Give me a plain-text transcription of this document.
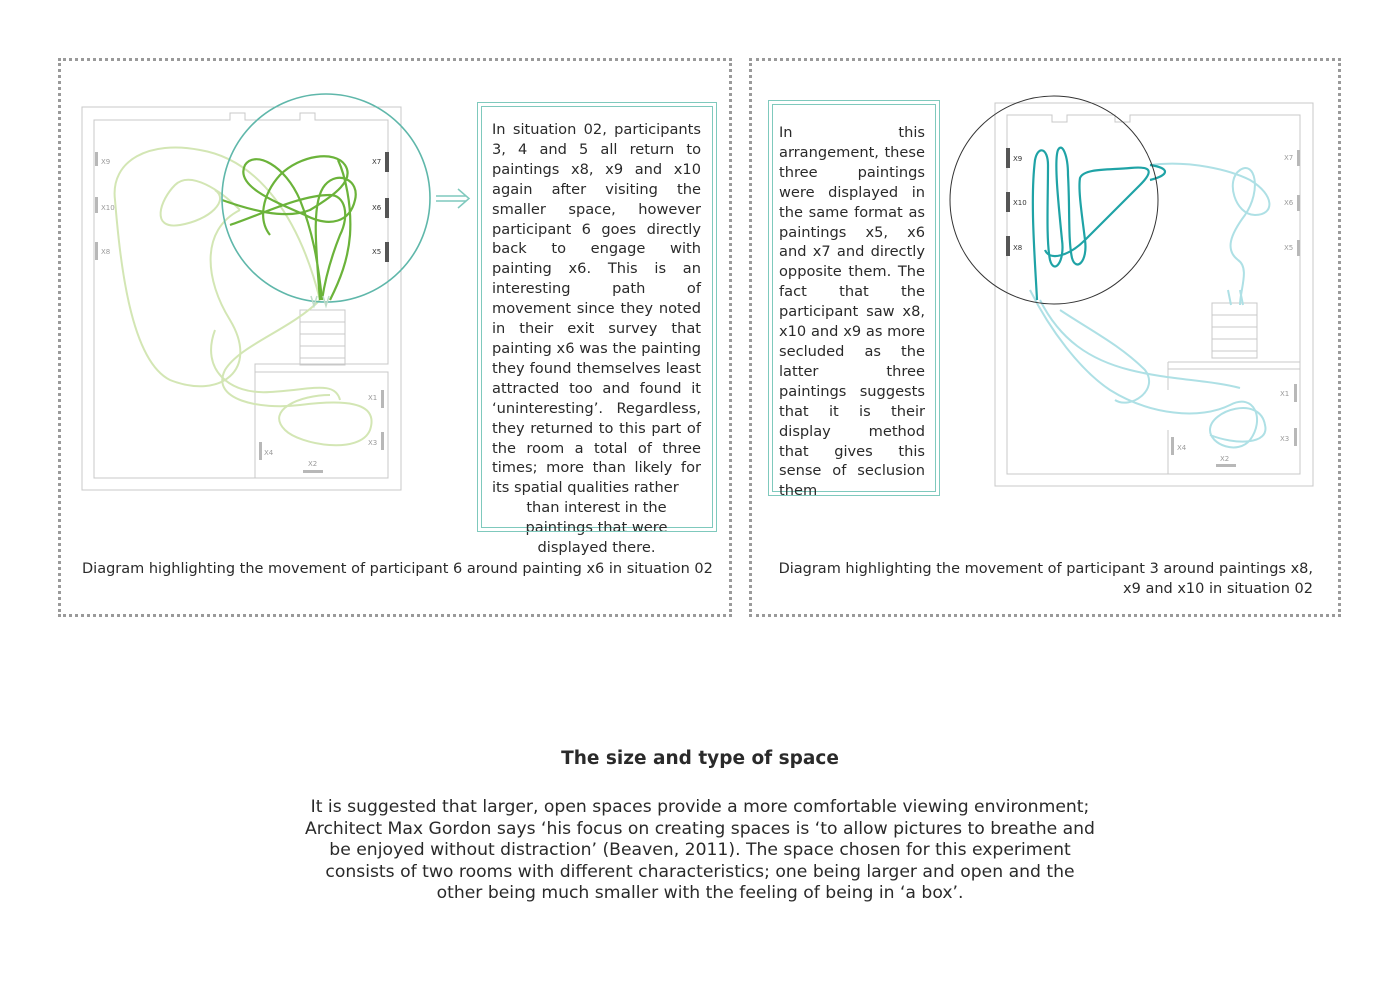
X9
X10
X8
X7
X6
X5
X1
X3
X4
X2
X9
X10
X8
X7
X6
X5
X1
X3
X4
X2

In situation 02, participants 3, 4 and 5 all return to paintings x8, x9 and x10 again after visiting the smaller space, however participant 6 goes directly back to engage with painting x6. This is an interesting path of movement since they noted in their exit survey that painting x6 was the painting they found themselves least attracted too and found it ‘uninteresting’. Regardless, they returned to this part of the room a total of three times; more than likely for its spatial qualities rather

than interest in the paintings that were displayed there.

In this arrangement, these three paintings were displayed in the same format as paintings x5, x6 and x7 and directly opposite them. The fact that the participant saw x8, x10 and x9 as more secluded as the latter three paintings suggests that it is their display method that gives this sense of seclusion them

Diagram highlighting the movement of participant 6 around painting x6 in situation 02	Diagram highlighting the movement of participant 3 around paintings x8, x9 and x10 in situation 02
The size and type of space
It is suggested that larger, open spaces provide a more comfortable viewing environment; Architect Max Gordon says ‘his focus on creating spaces is ‘to allow pictures to breathe and be enjoyed without distraction’ (Beaven, 2011). The space chosen for this experiment consists of two rooms with different characteristics; one being larger and open and the other being much smaller with the feeling of being in ‘a box’.
